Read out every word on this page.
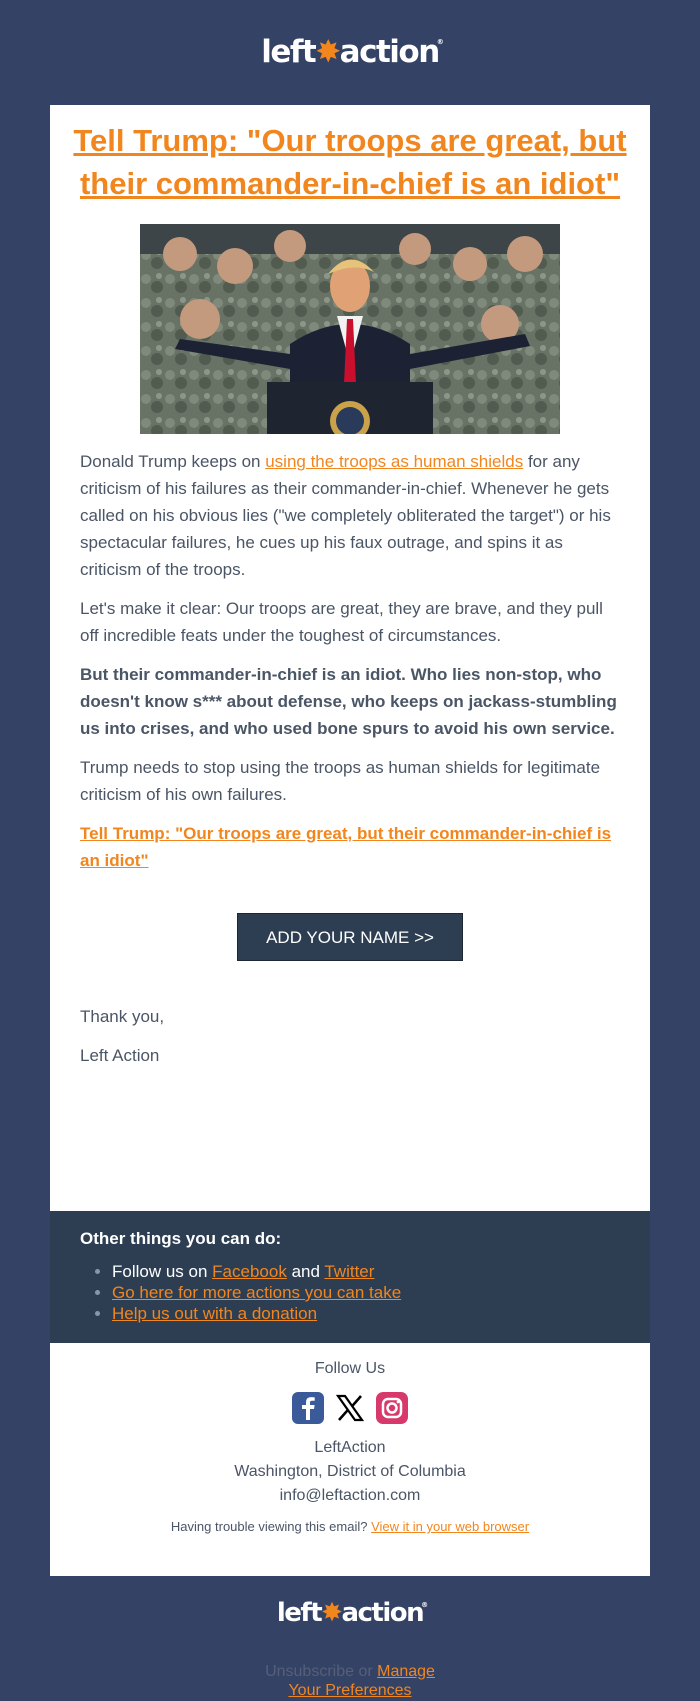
left✸action
®
Tell Trump: "Our troops are great, but their commander-in-chief is an idiot"

Donald Trump keeps on using the troops as human shields for any criticism of his failures as their commander-in-chief. Whenever he gets called on his obvious lies ("we completely obliterated the target") or his spectacular failures, he cues up his faux outrage, and spins it as criticism of the troops.

Let's make it clear: Our troops are great, they are brave, and they pull off incredible feats under the toughest of circumstances.

But their commander-in-chief is an idiot. Who lies non-stop, who doesn't know s*** about defense, who keeps on jackass-stumbling us into crises, and who used bone spurs to avoid his own service.

Trump needs to stop using the troops as human shields for legitimate criticism of his own failures.

Tell Trump: "Our troops are great, but their commander-in-chief is an idiot"

ADD YOUR NAME >>
Thank you,
Left Action
Other things you can do:
• Follow us on Facebook and Twitter
• Go here for more actions you can take
• Help us out with a donation
Follow Us
LeftAction
Washington, District of Columbia
info@leftaction.com
Having trouble viewing this email? View it in your web browser
left✸action
®
Unsubscribe or Manage
Your Preferences
